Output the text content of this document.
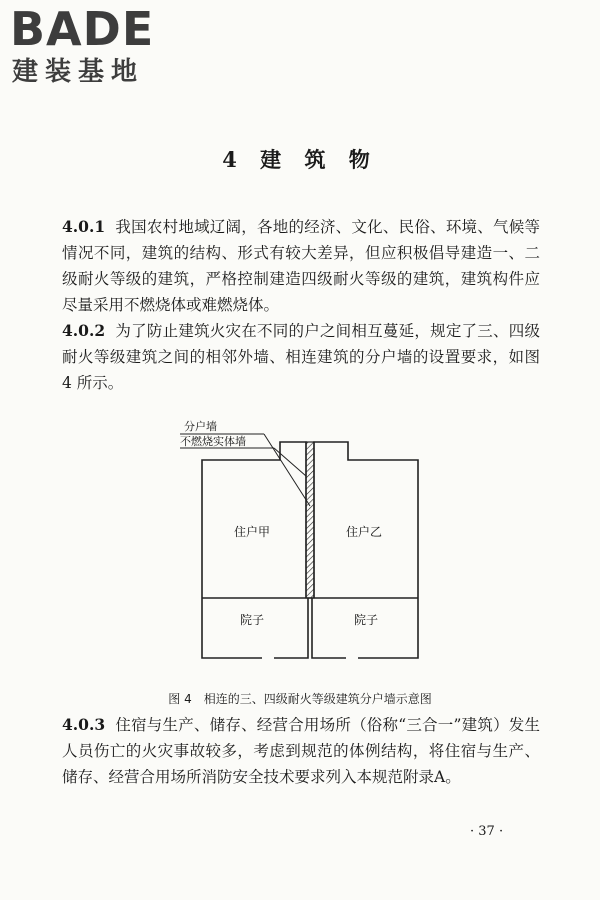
BADE
建装基地
4 建 筑 物

4.0.1 我国农村地域辽阔，各地的经济、文化、民俗、环境、气候等情况不同，建筑的结构、形式有较大差异，但应积极倡导建造一、二级耐火等级的建筑，严格控制建造四级耐火等级的建筑，建筑构件应尽量采用不燃烧体或难燃烧体。

4.0.2 为了防止建筑火灾在不同的户之间相互蔓延，规定了三、四级耐火等级建筑之间的相邻外墙、相连建筑的分户墙的设置要求，如图 4 所示。

分户墙
不燃烧实体墙
住户甲	住户乙
院子	院子
图 4　相连的三、四级耐火等级建筑分户墙示意图

4.0.3 住宿与生产、储存、经营合用场所（俗称“三合一”建筑）发生人员伤亡的火灾事故较多，考虑到规范的体例结构，将住宿与生产、储存、经营合用场所消防安全技术要求列入本规范附录A。

· 37 ·
